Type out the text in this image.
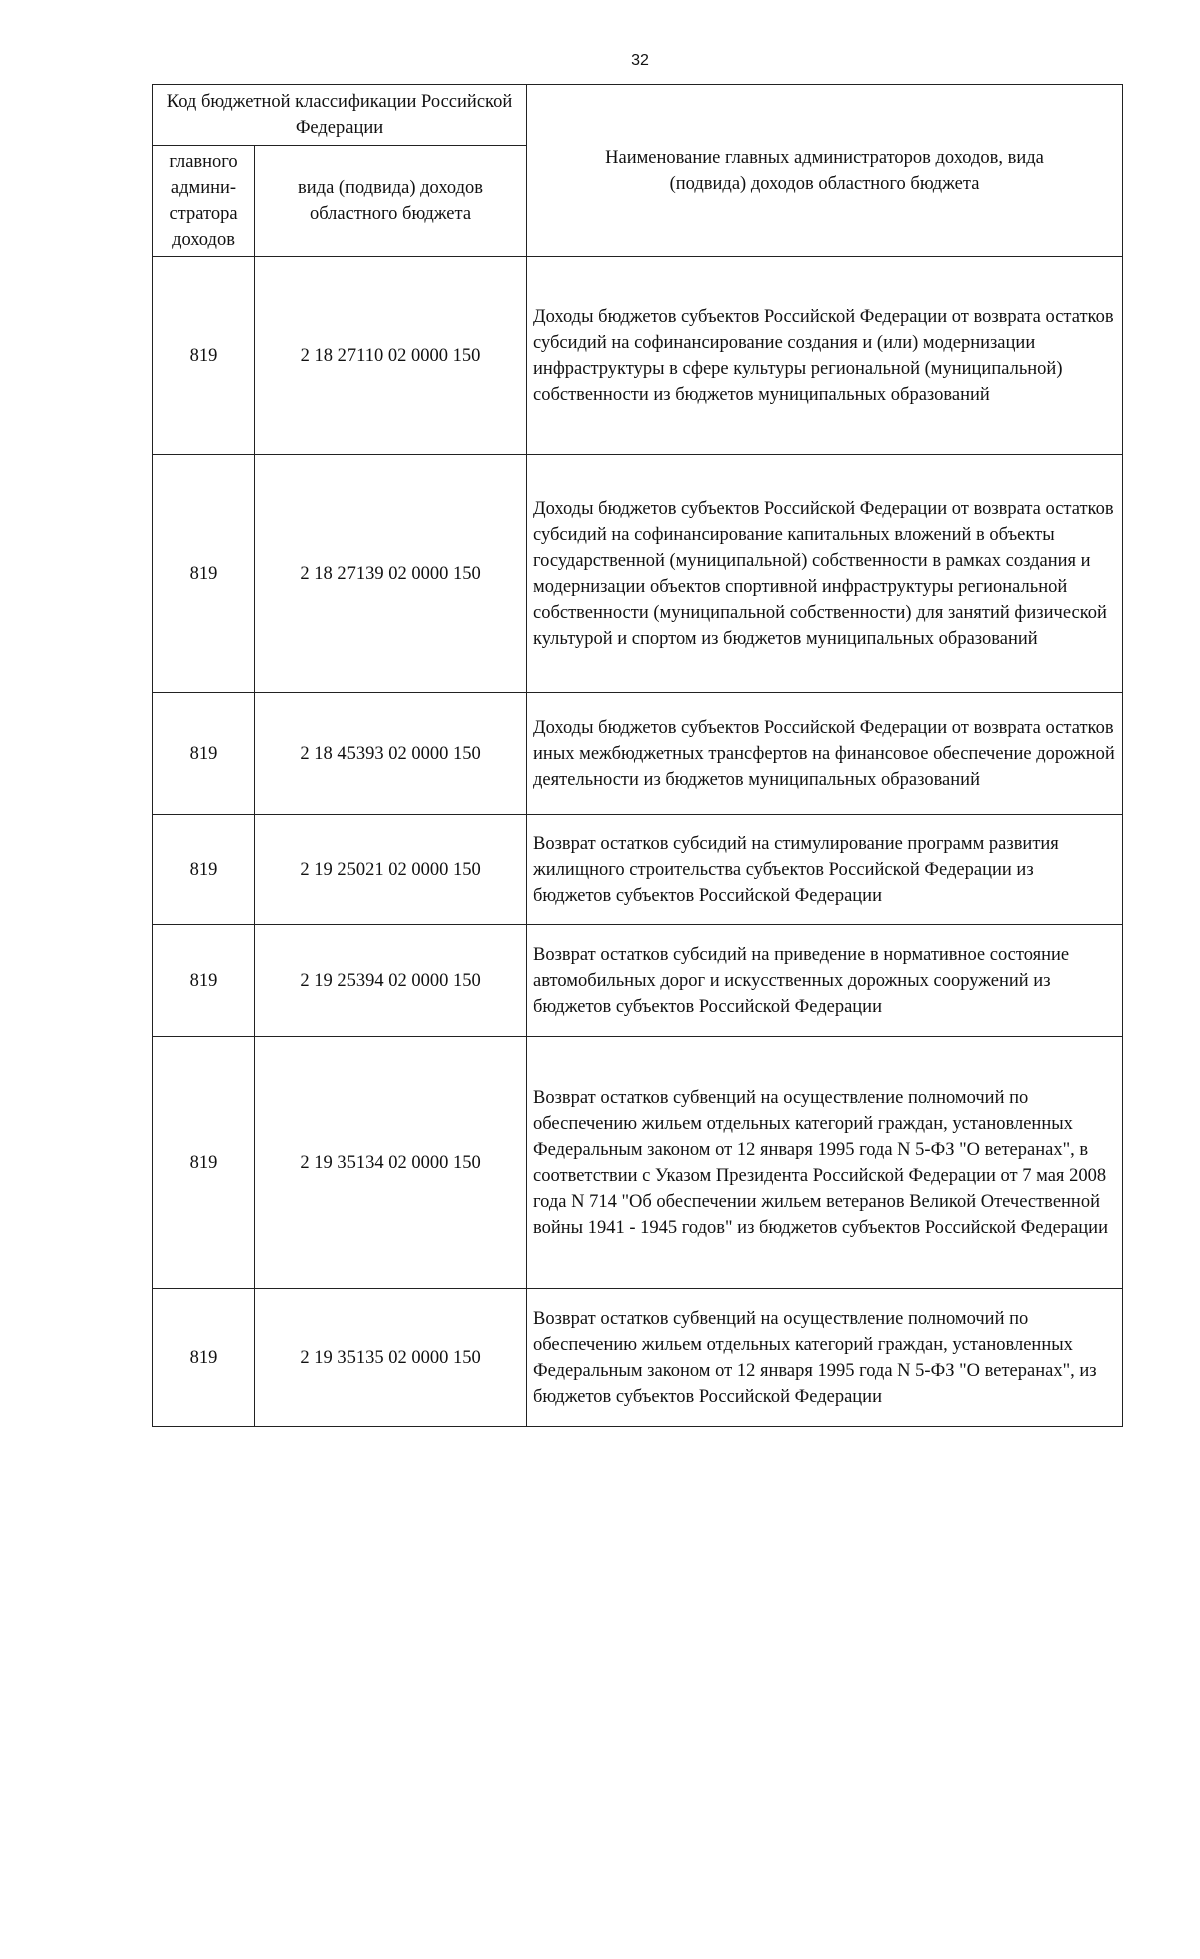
32
Код бюджетной классификации Российской Федерации		Наименование главных администраторов доходов, вида (подвида) доходов областного бюджета
главного админи-стратора доходов	вида (подвида) доходов областного бюджета	
819	2 18 27110 02 0000 150	Доходы бюджетов субъектов Российской Федерации от возврата остатков субсидий на софинансирование создания и (или) модернизации инфраструктуры в сфере культуры региональной (муниципальной) собственности из бюджетов муниципальных образований
819	2 18 27139 02 0000 150	Доходы бюджетов субъектов Российской Федерации от возврата остатков субсидий на софинансирование капитальных вложений в объекты государственной (муниципальной) собственности в рамках создания и модернизации объектов спортивной инфраструктуры региональной собственности (муниципальной собственности) для занятий физической культурой и спортом из бюджетов муниципальных образований
819	2 18 45393 02 0000 150	Доходы бюджетов субъектов Российской Федерации от возврата остатков иных межбюджетных трансфертов на финансовое обеспечение дорожной деятельности из бюджетов муниципальных образований
819	2 19 25021 02 0000 150	Возврат остатков субсидий на стимулирование программ развития жилищного строительства субъектов Российской Федерации из бюджетов субъектов Российской Федерации
819	2 19 25394 02 0000 150	Возврат остатков субсидий на приведение в нормативное состояние автомобильных дорог и искусственных дорожных сооружений из бюджетов субъектов Российской Федерации
819	2 19 35134 02 0000 150	Возврат остатков субвенций на осуществление полномочий по обеспечению жильем отдельных категорий граждан, установленных Федеральным законом от 12 января 1995 года N 5-ФЗ "О ветеранах", в соответствии с Указом Президента Российской Федерации от 7 мая 2008 года N 714 "Об обеспечении жильем ветеранов Великой Отечественной войны 1941 - 1945 годов" из бюджетов субъектов Российской Федерации
819	2 19 35135 02 0000 150	Возврат остатков субвенций на осуществление полномочий по обеспечению жильем отдельных категорий граждан, установленных Федеральным законом от 12 января 1995 года N 5-ФЗ "О ветеранах", из бюджетов субъектов Российской Федерации
